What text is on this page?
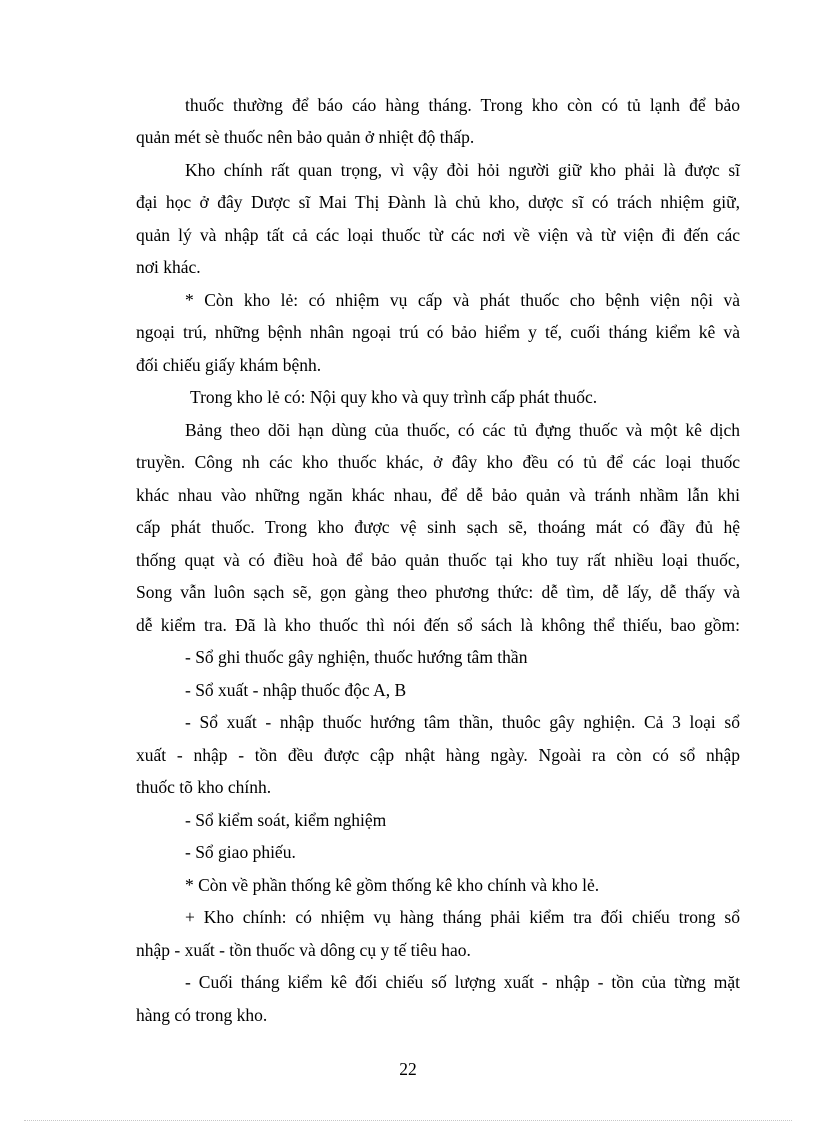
thuốc thường để báo cáo hàng tháng. Trong kho còn có tủ lạnh để bảo
quản mét sè thuốc nên bảo quản ở nhiệt độ thấp.
Kho chính rất quan trọng, vì vậy đòi hỏi người giữ kho phải là được sĩ
đại học ở đây Dược sĩ Mai Thị Đành là chủ kho, dược sĩ có trách nhiệm giữ,
quản lý và nhập tất cả các loại thuốc từ các nơi về viện và từ viện đi đến các
nơi khác.
* Còn kho lẻ: có nhiệm vụ cấp và phát thuốc cho bệnh viện nội và
ngoại trú, những bệnh nhân ngoại trú có bảo hiểm y tế, cuối tháng kiểm kê và
đối chiếu giấy khám bệnh.
Trong kho lẻ có: Nội quy kho và quy trình cấp phát thuốc.
Bảng theo dõi hạn dùng của thuốc, có các tủ đựng thuốc và một kê dịch
truyền. Công nh các kho thuốc khác, ở đây kho đều có tủ để các loại thuốc
khác nhau vào những ngăn khác nhau, để dễ bảo quản và tránh nhầm lẫn khi
cấp phát thuốc. Trong kho được vệ sinh sạch sẽ, thoáng mát có đầy đủ hệ
thống quạt và có điều hoà để bảo quản thuốc tại kho tuy rất nhiều loại thuốc,
Song vẫn luôn sạch sẽ, gọn gàng theo phương thức: dễ tìm, dễ lấy, dễ thấy và
dễ kiểm tra. Đã là kho thuốc thì nói đến sổ sách là không thể thiếu, bao gồm:
- Sổ ghi thuốc gây nghiện, thuốc hướng tâm thần
- Sổ xuất - nhập thuốc độc A, B
- Sổ xuất - nhập thuốc hướng tâm thần, thuôc gây nghiện. Cả 3 loại sổ
xuất - nhập - tồn đều được cập nhật hàng ngày. Ngoài ra còn có sổ nhập
thuốc tõ kho chính.
- Sổ kiểm soát, kiểm nghiệm
- Sổ giao phiếu.
* Còn về phần thống kê gồm thống kê kho chính và kho lẻ.
+ Kho chính: có nhiệm vụ hàng tháng phải kiểm tra đối chiếu trong sổ
nhập - xuất - tồn thuốc và dông cụ y tế tiêu hao.
- Cuối tháng kiểm kê đối chiếu số lượng xuất - nhập - tồn của từng mặt
hàng có trong kho.
22
